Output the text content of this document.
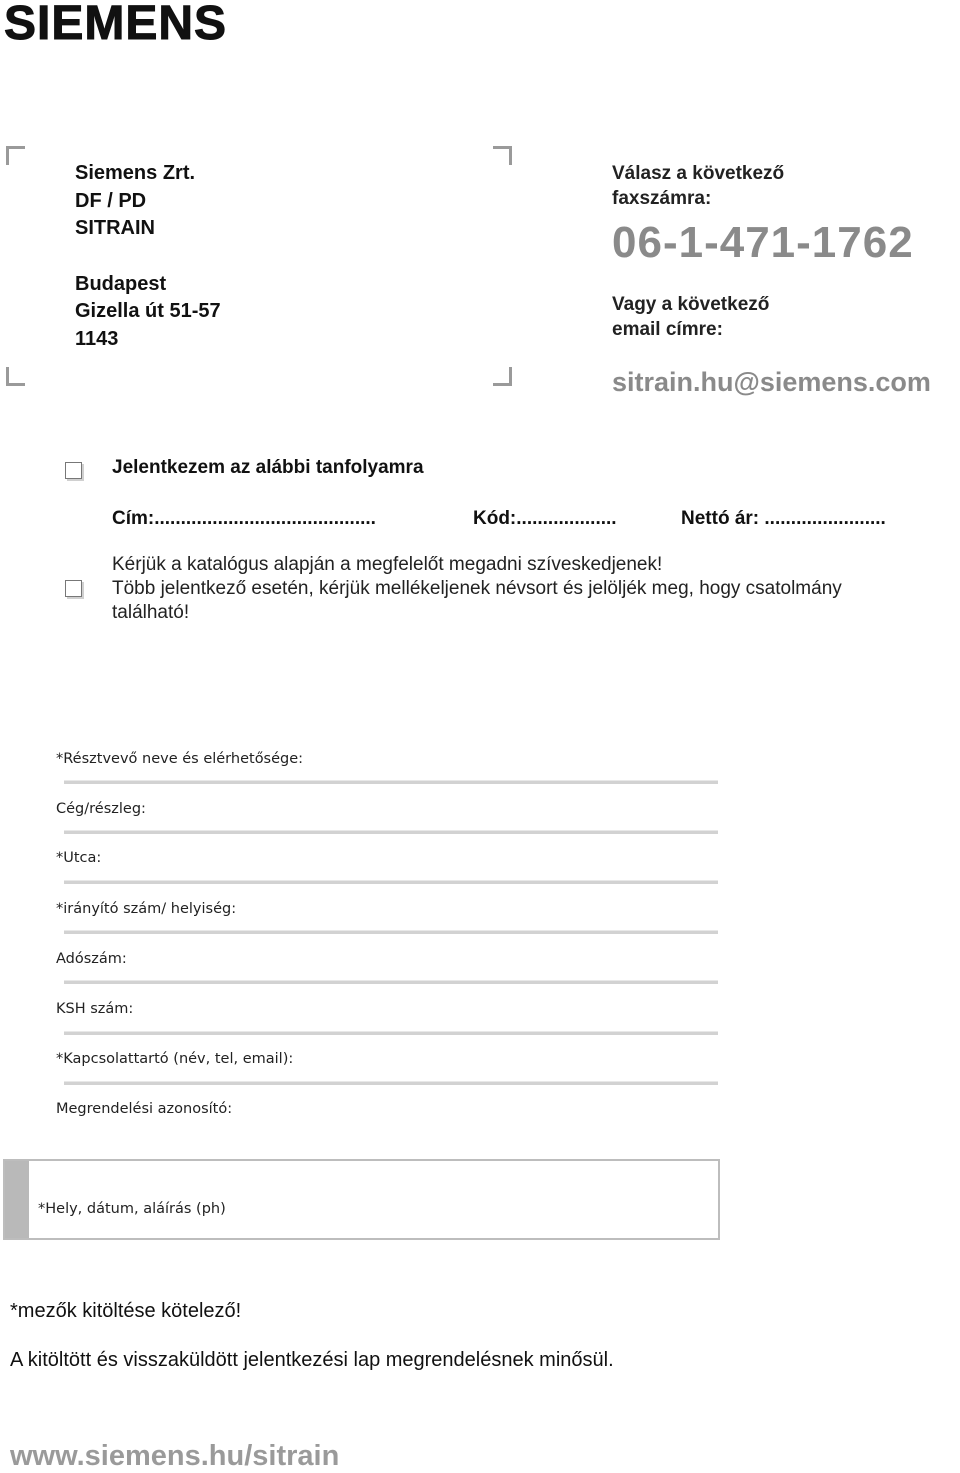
SIEMENS
Siemens Zrt.
DF / PD
SITRAIN
Budapest
Gizella út 51-57
1143
Válasz a következő
faxszámra:
06-1-471-1762
Vagy a következő
email címre:
sitrain.hu@siemens.com
Jelentkezem az alábbi tanfolyamra
Cím:..........................................	Kód:...................	Nettó ár: .......................
Kérjük a katalógus alapján a megfelelőt megadni szíveskedjenek!
Több jelentkező esetén, kérjük mellékeljenek névsort és jelöljék meg, hogy csatolmány
található!
*Résztvevő neve és elérhetősége:
Cég/részleg:
*Utca:
*irányító szám/ helyiség:
Adószám:
KSH szám:
*Kapcsolattartó (név, tel, email):
Megrendelési azonosító:
*Hely, dátum, aláírás (ph)
*mezők kitöltése kötelező!
A kitöltött és visszaküldött jelentkezési lap megrendelésnek minősül.
www.siemens.hu/sitrain
